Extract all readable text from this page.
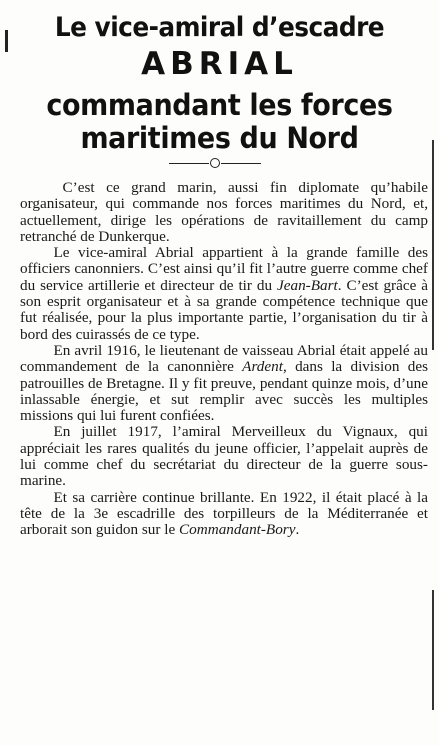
Le vice-amiral d’escadre
ABRIAL
commandant les forces
maritimes du Nord

C’est ce grand marin, aussi fin diplomate qu’habile organisateur, qui commande nos forces maritimes du Nord, et, actuellement, dirige les opérations de ravitaillement du camp retranché de Dunkerque.

Le vice-amiral Abrial appartient à la grande famille des officiers canonniers. C’est ainsi qu’il fit l’autre guerre comme chef du service artillerie et directeur de tir du Jean-Bart. C’est grâce à son esprit organisateur et à sa grande compétence technique que fut réalisée, pour la plus importante partie, l’organisation du tir à bord des cuirassés de ce type.

En avril 1916, le lieutenant de vaisseau Abrial était appelé au commandement de la canonnière Ardent, dans la division des patrouilles de Bretagne. Il y fit preuve, pendant quinze mois, d’une inlassable énergie, et sut remplir avec succès les multiples missions qui lui furent confiées.

En juillet 1917, l’amiral Merveilleux du Vignaux, qui appréciait les rares qualités du jeune officier, l’appelait auprès de lui comme chef du secrétariat du directeur de la guerre sous-marine.

Et sa carrière continue brillante. En 1922, il était placé à la tête de la 3e escadrille des torpilleurs de la Méditerranée et arborait son guidon sur le Commandant-Bory.
